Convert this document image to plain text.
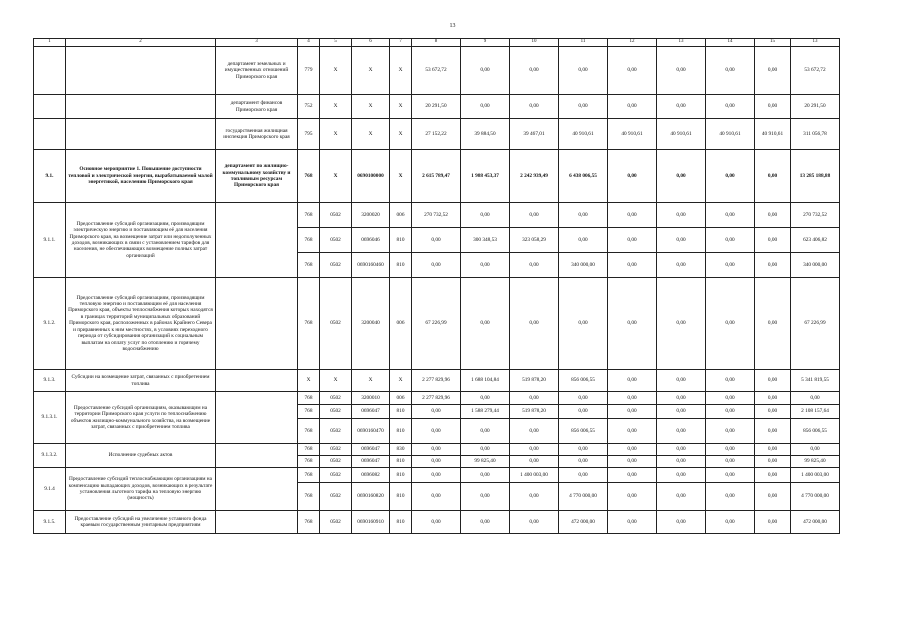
13
1	2	3	4	5	6	7	8	9	10	11	12	13	14	15	13
		департамент земельных и имущественных отношений Приморского края	779	X	X	X	53 672,72	0,00	0,00	0,00	0,00	0,00	0,00	0,00	53 672,72
		департамент финансов Приморского края	752	X	X	X	20 291,50	0,00	0,00	0,00	0,00	0,00	0,00	0,00	20 291,50
		государственная жилищная инспекция Приморского края	795	X	X	X	27 152,22	39 884,50	39 467,01	40 910,61	40 910,61	40 910,61	40 910,61	40 910,61	311 056,78
9.1.	Основное мероприятие 1. Повышение доступности тепловой и электрической энергии, вырабатываемой малой энергетикой, населению Приморского края	департамент по жилищно-коммунальному хозяйству и топливным ресурсам Приморского края	768	X	0690100000	X	2 615 789,47	1 988 453,37	2 242 939,49	6 438 006,55	0,00	0,00	0,00	0,00	13 285 188,88
9.1.1.	Предоставление субсидий организациям, производящим электрическую энергию и поставляющим её для населения Приморского края, на возмещение затрат или недополученных доходов, возникающих в связи с установлением тарифов для населения, не обеспечивающих возмещение полных затрат организаций		768	0502	3200020	006	270 732,52	0,00	0,00	0,00	0,00	0,00	0,00	0,00	270 732,52
			768	0502	0696046	810	0,00	300 348,53	323 058,29	0,00	0,00	0,00	0,00	0,00	623 406,82
			768	0502	0690160460	810	0,00	0,00	0,00	340 000,00	0,00	0,00	0,00	0,00	340 000,00
9.1.2.	Предоставление субсидий организациям, производящим тепловую энергию и поставляющим её для населения Приморского края, объекты теплоснабжения которых находятся в границах территорий муниципальных образований Приморского края, расположенных в районах Крайнего Севера и приравненных к ним местностях, в условиях переходного периода от субсидирования организаций к социальным выплатам на оплату услуг по отоплению и горячему водоснабжению		768	0502	3200040	006	67 226,99	0,00	0,00	0,00	0,00	0,00	0,00	0,00	67 226,99
9.1.3.	Субсидии на возмещение затрат, связанных с приобретением топлива		X	X	X	X	2 277 829,96	1 688 104,84	519 878,20	856 006,55	0,00	0,00	0,00	0,00	5 341 819,55
9.1.3.1.	Предоставление субсидий организациям, оказывающим на территории Приморского края услуги по теплоснабжению объектов жилищно-коммунального хозяйства, на возмещение затрат, связанных с приобретением топлива		768	0502	3200010	006	2 277 829,96	0,00	0,00	0,00	0,00	0,00	0,00	0,00	0,00
			768	0502	0696047	810	0,00	1 588 279,44	519 878,20	0,00	0,00	0,00	0,00	0,00	2 108 157,64
			768	0502	0690160470	810	0,00	0,00	0,00	856 006,55	0,00	0,00	0,00	0,00	856 006,55
9.1.3.2.	Исполнение судебных актов		768	0502	0696047	830	0,00	0,00	0,00	0,00	0,00	0,00	0,00	0,00	0,00
			768	0502	0696047	810	0,00	99 825,40	0,00	0,00	0,00	0,00	0,00	0,00	99 825,40
9.1.4	Предоставление субсидий теплоснабжающим организациям на компенсацию выпадающих доходов, возникающих в результате установления льготного тарифа на тепловую энергию (мощность)		768	0502	0696082	810	0,00	0,00	1 400 003,00	0,00	0,00	0,00	0,00	0,00	1 400 003,00
			768	0502	0690160820	810	0,00	0,00	0,00	4 770 000,00	0,00	0,00	0,00	0,00	4 770 000,00
9.1.5.	Предоставление субсидий на увеличение уставного фонда краевым государственным унитарным предприятиям		768	0502	0690160910	810	0,00	0,00	0,00	472 000,00	0,00	0,00	0,00	0,00	472 000,00
